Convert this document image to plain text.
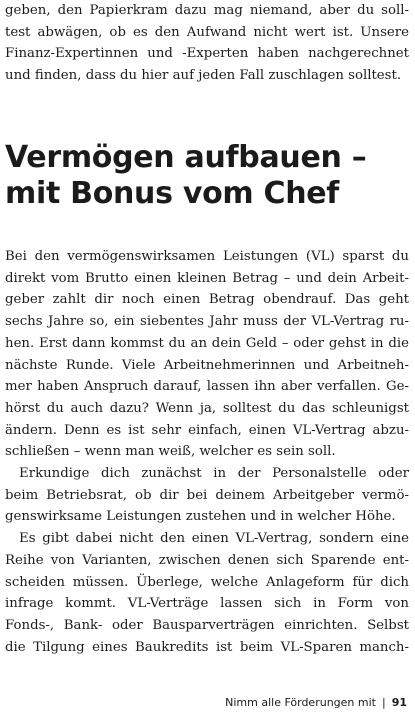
geben, den Papierkram dazu mag niemand, aber du soll-
test abwägen, ob es den Aufwand nicht wert ist. Unsere
Finanz-Expertinnen und -Experten haben nachgerechnet
und finden, dass du hier auf jeden Fall zuschlagen solltest.

Vermögen aufbauen –
mit Bonus vom Chef

Bei den vermögenswirksamen Leistungen (VL) sparst du
direkt vom Brutto einen kleinen Betrag – und dein Arbeit-
geber zahlt dir noch einen Betrag obendrauf. Das geht
sechs Jahre so, ein siebentes Jahr muss der VL-Vertrag ru-
hen. Erst dann kommst du an dein Geld – oder gehst in die
nächste Runde. Viele Arbeitnehmerinnen und Arbeitneh-
mer haben Anspruch darauf, lassen ihn aber verfallen. Ge-
hörst du auch dazu? Wenn ja, solltest du das schleunigst
ändern. Denn es ist sehr einfach, einen VL-Vertrag abzu-
schließen – wenn man weiß, welcher es sein soll.

Erkundige dich zunächst in der Personalstelle oder
beim Betriebsrat, ob dir bei deinem Arbeitgeber vermö-
genswirksame Leistungen zustehen und in welcher Höhe.

Es gibt dabei nicht den einen VL-Vertrag, sondern eine
Reihe von Varianten, zwischen denen sich Sparende ent-
scheiden müssen. Überlege, welche Anlageform für dich
infrage kommt. VL-Verträge lassen sich in Form von
Fonds-, Bank- oder Bausparverträgen einrichten. Selbst
die Tilgung eines Baukredits ist beim VL-Sparen manch-

Nimm alle Förderungen mit | 91
